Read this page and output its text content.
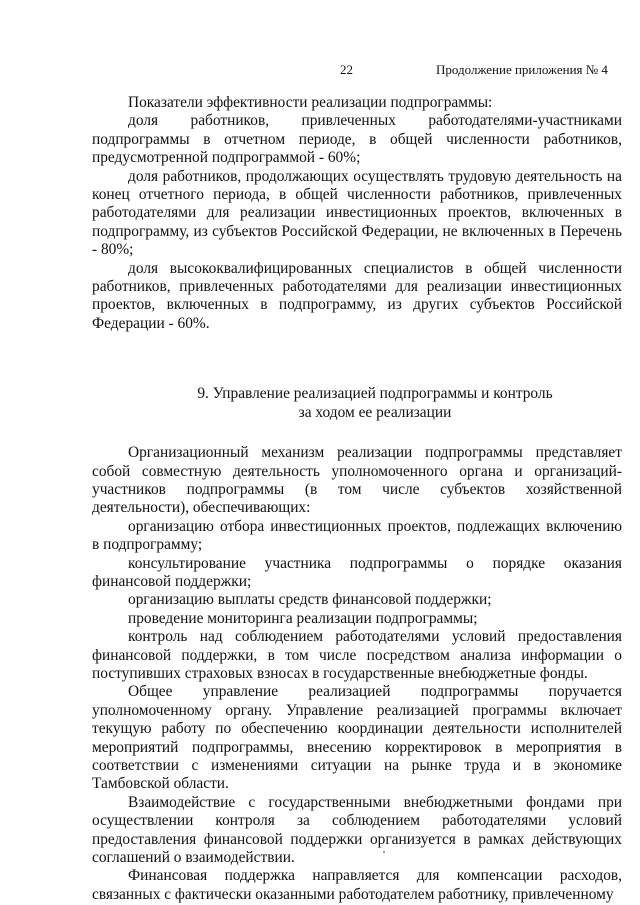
22	Продолжение приложения № 4

Показатели эффективности реализации подпрограммы:

доля работников, привлеченных работодателями-участниками подпрограммы в отчетном периоде, в общей численности работников, предусмотренной подпрограммой - 60%;

доля работников, продолжающих осуществлять трудовую деятельность на конец отчетного периода, в общей численности работников, привлеченных работодателями для реализации инвестиционных проектов, включенных в подпрограмму, из субъектов Российской Федерации, не включенных в Перечень - 80%;

доля высококвалифицированных специалистов в общей численности работников, привлеченных работодателями для реализации инвестиционных проектов, включенных в подпрограмму, из других субъектов Российской Федерации - 60%.

9. Управление реализацией подпрограммы и контроль
за ходом ее реализации

Организационный механизм реализации подпрограммы представляет собой совместную деятельность уполномоченного органа и организаций-участников подпрограммы (в том числе субъектов хозяйственной деятельности), обеспечивающих:

организацию отбора инвестиционных проектов, подлежащих включению в подпрограмму;

консультирование участника подпрограммы о порядке оказания финансовой поддержки;

организацию выплаты средств финансовой поддержки;

проведение мониторинга реализации подпрограммы;

контроль над соблюдением работодателями условий предоставления финансовой поддержки, в том числе посредством анализа информации о поступивших страховых взносах в государственные внебюджетные фонды.

Общее управление реализацией подпрограммы поручается уполномоченному органу. Управление реализацией программы включает текущую работу по обеспечению координации деятельности исполнителей мероприятий подпрограммы, внесению корректировок в мероприятия в соответствии с изменениями ситуации на рынке труда и в экономике Тамбовской области.

Взаимодействие с государственными внебюджетными фондами при осуществлении контроля за соблюдением работодателями условий предоставления финансовой поддержки организуется в рамках действующих соглашений о взаимодействии.

Финансовая поддержка направляется для компенсации расходов, связанных с фактически оказанными работодателем работнику, привлеченному
